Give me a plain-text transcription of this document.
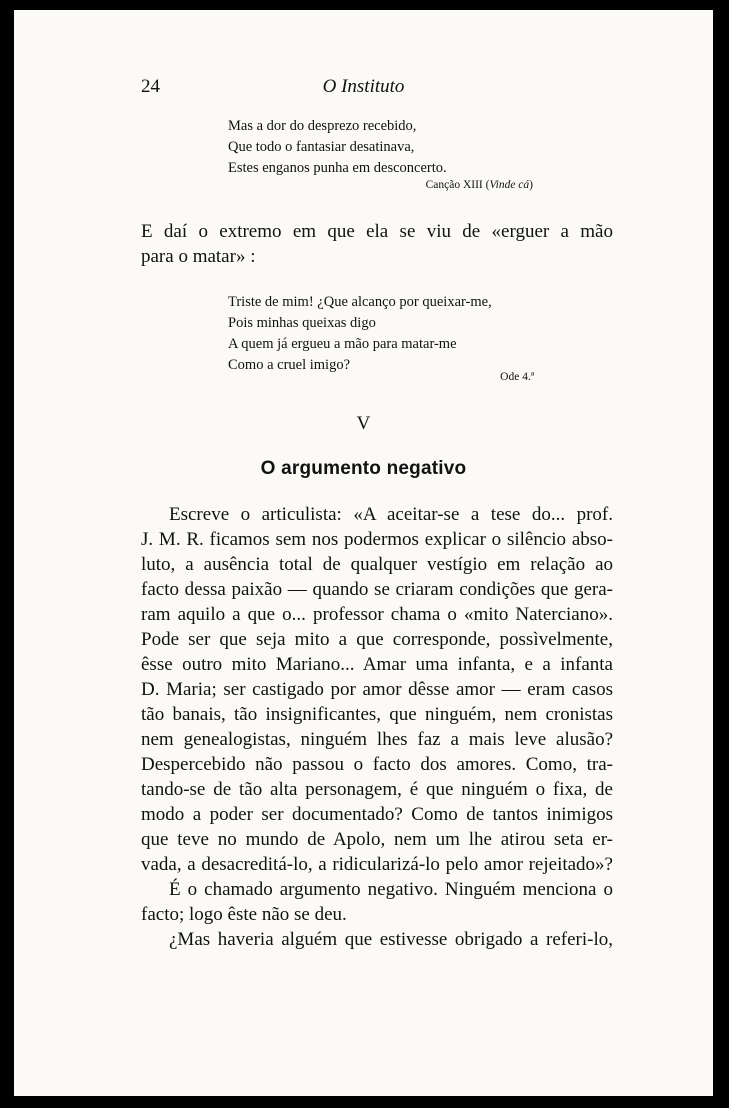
24	O Instituto
Mas a dor do desprezo recebido,
Que todo o fantasiar desatinava,
Estes enganos punha em desconcerto.
Canção XIII (Vinde cá)
E daí o extremo em que ela se viu de «erguer a mão
para o matar» :
Triste de mim! ¿Que alcanço por queixar-me,
Pois minhas queixas digo
A quem já ergueu a mão para matar-me
Como a cruel imigo?
Ode 4.ª
V
O argumento negativo
Escreve o articulista: «A aceitar-se a tese do... prof.
J. M. R. ficamos sem nos podermos explicar o silêncio abso-
luto, a ausência total de qualquer vestígio em relação ao
facto dessa paixão — quando se criaram condições que gera-
ram aquilo a que o... professor chama o «mito Naterciano».
Pode ser que seja mito a que corresponde, possìvelmente,
êsse outro mito Mariano... Amar uma infanta, e a infanta
D. Maria; ser castigado por amor dêsse amor — eram casos
tão banais, tão insignificantes, que ninguém, nem cronistas
nem genealogistas, ninguém lhes faz a mais leve alusão?
Despercebido não passou o facto dos amores. Como, tra-
tando-se de tão alta personagem, é que ninguém o fixa, de
modo a poder ser documentado? Como de tantos inimigos
que teve no mundo de Apolo, nem um lhe atirou seta er-
vada, a desacreditá-lo, a ridicularizá-lo pelo amor rejeitado»?
É o chamado argumento negativo. Ninguém menciona o
facto; logo êste não se deu.
¿Mas haveria alguém que estivesse obrigado a referi-lo,
